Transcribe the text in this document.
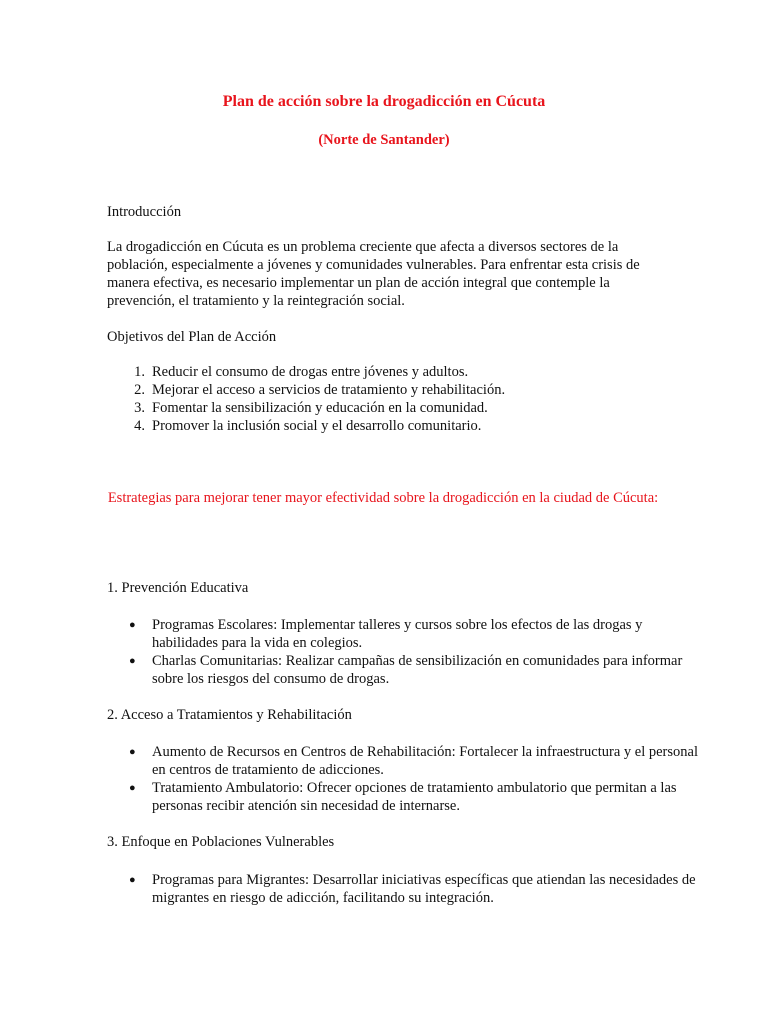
Plan de acción sobre la drogadicción en Cúcuta

(Norte de Santander)

Introducción

La drogadicción en Cúcuta es un problema creciente que afecta a diversos sectores de la población, especialmente a jóvenes y comunidades vulnerables. Para enfrentar esta crisis de manera efectiva, es necesario implementar un plan de acción integral que contemple la prevención, el tratamiento y la reintegración social.

Objetivos del Plan de Acción

1. Reducir el consumo de drogas entre jóvenes y adultos.
2. Mejorar el acceso a servicios de tratamiento y rehabilitación.
3. Fomentar la sensibilización y educación en la comunidad.
4. Promover la inclusión social y el desarrollo comunitario.

Estrategias para mejorar tener mayor efectividad sobre la drogadicción en la ciudad de Cúcuta:

1. Prevención Educativa

● Programas Escolares: Implementar talleres y cursos sobre los efectos de las drogas y habilidades para la vida en colegios.
● Charlas Comunitarias: Realizar campañas de sensibilización en comunidades para informar sobre los riesgos del consumo de drogas.

2. Acceso a Tratamientos y Rehabilitación

● Aumento de Recursos en Centros de Rehabilitación: Fortalecer la infraestructura y el personal en centros de tratamiento de adicciones.
● Tratamiento Ambulatorio: Ofrecer opciones de tratamiento ambulatorio que permitan a las personas recibir atención sin necesidad de internarse.

3. Enfoque en Poblaciones Vulnerables

● Programas para Migrantes: Desarrollar iniciativas específicas que atiendan las necesidades de migrantes en riesgo de adicción, facilitando su integración.
